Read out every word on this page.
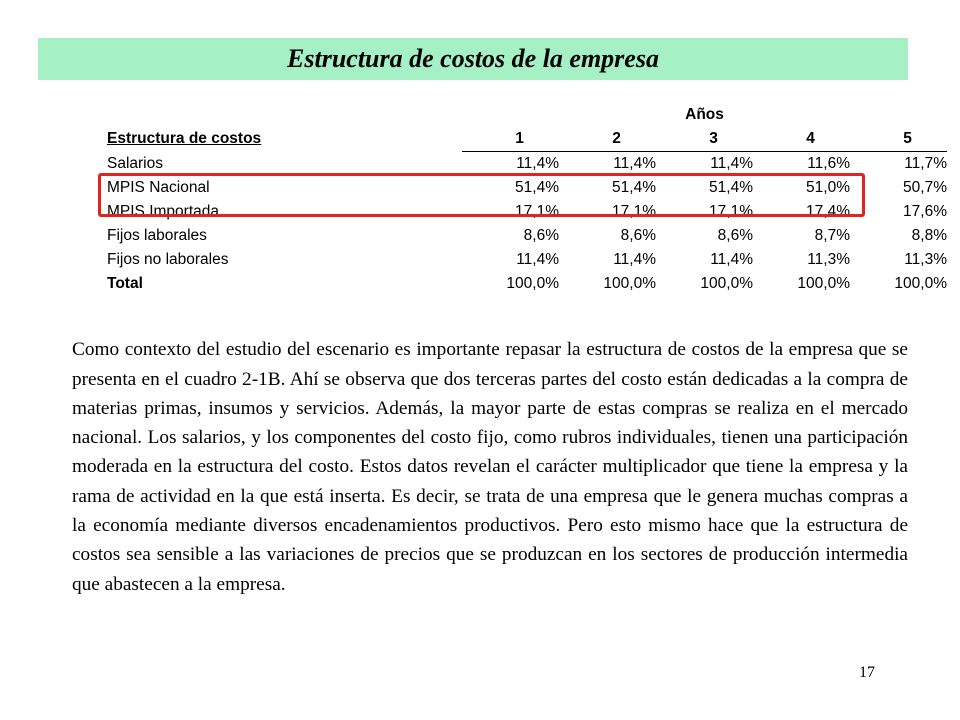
Estructura de costos de la empresa
	Años				
Estructura de costos	1	2	3	4	5
Salarios	11,4%	11,4%	11,4%	11,6%	11,7%
MPIS Nacional	51,4%	51,4%	51,4%	51,0%	50,7%
MPIS Importada	17,1%	17,1%	17,1%	17,4%	17,6%
Fijos laborales	8,6%	8,6%	8,6%	8,7%	8,8%
Fijos no laborales	11,4%	11,4%	11,4%	11,3%	11,3%
Total	100,0%	100,0%	100,0%	100,0%	100,0%

Como contexto del estudio del escenario es importante repasar la estructura de costos de la empresa que se presenta en el cuadro 2-1B. Ahí se observa que dos terceras partes del costo están dedicadas a la compra de materias primas, insumos y servicios. Además, la mayor parte de estas compras se realiza en el mercado nacional. Los salarios, y los componentes del costo fijo, como rubros individuales, tienen una participación moderada en la estructura del costo. Estos datos revelan el carácter multiplicador que tiene la empresa y la rama de actividad en la que está inserta. Es decir, se trata de una empresa que le genera muchas compras a la economía mediante diversos encadenamientos productivos. Pero esto mismo hace que la estructura de costos sea sensible a las variaciones de precios que se produzcan en los sectores de producción intermedia que abastecen a la empresa.

17
